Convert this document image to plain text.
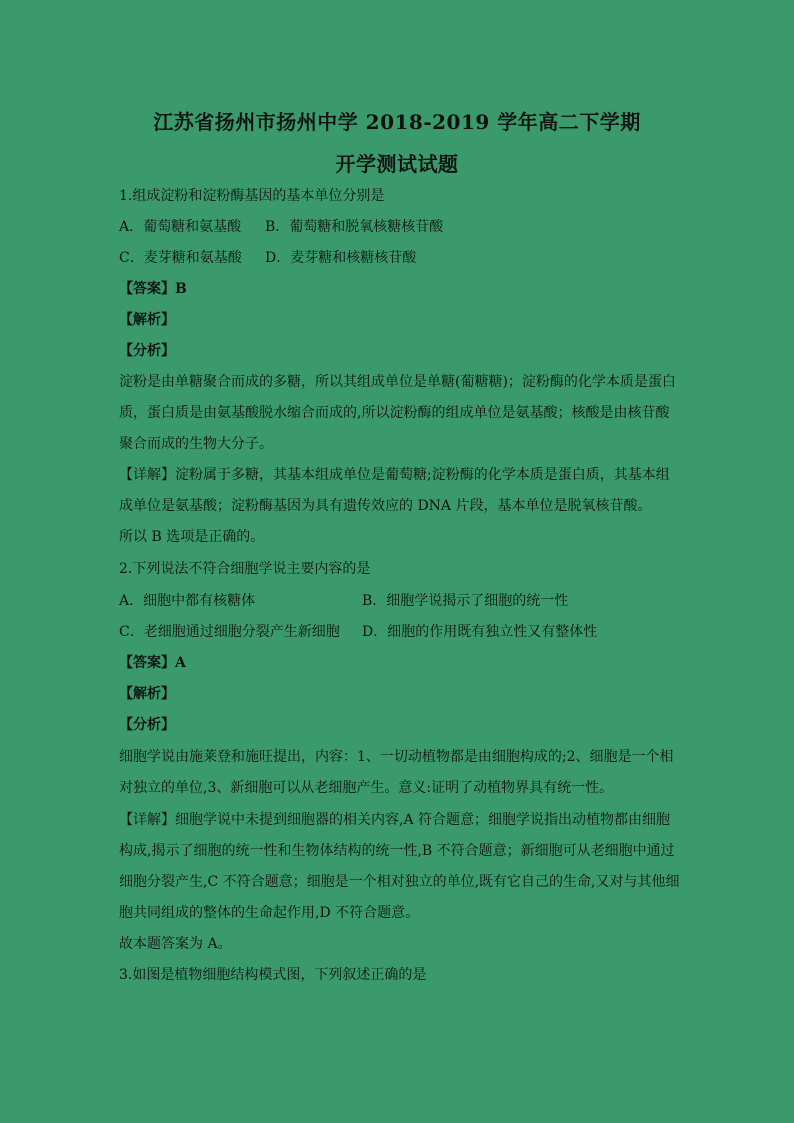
江苏省扬州市扬州中学 2018-2019 学年高二下学期
开学测试试题
1.组成淀粉和淀粉酶基因的基本单位分别是
A．葡萄糖和氨基酸 B．葡萄糖和脱氧核糖核苷酸
C．麦芽糖和氨基酸 D．麦芽糖和核糖核苷酸
【答案】B
【解析】
【分析】
淀粉是由单糖聚合而成的多糖，所以其组成单位是单糖(葡糖糖)；淀粉酶的化学本质是蛋白
质，蛋白质是由氨基酸脱水缩合而成的,所以淀粉酶的组成单位是氨基酸；核酸是由核苷酸
聚合而成的生物大分子。
【详解】淀粉属于多糖，其基本组成单位是葡萄糖;淀粉酶的化学本质是蛋白质，其基本组
成单位是氨基酸；淀粉酶基因为具有遗传效应的 DNA 片段，基本单位是脱氧核苷酸。
所以 B 选项是正确的。
2.下列说法不符合细胞学说主要内容的是
A．细胞中都有核糖体	B．细胞学说揭示了细胞的统一性
C．老细胞通过细胞分裂产生新细胞 D．细胞的作用既有独立性又有整体性
【答案】A
【解析】
【分析】
细胞学说由施莱登和施旺提出，内容：1、一切动植物都是由细胞构成的;2、细胞是一个相
对独立的单位,3、新细胞可以从老细胞产生。意义:证明了动植物界具有统一性。
【详解】细胞学说中未提到细胞器的相关内容,A 符合题意；细胞学说指出动植物都由细胞
构成,揭示了细胞的统一性和生物体结构的统一性,B 不符合题意；新细胞可从老细胞中通过
细胞分裂产生,C 不符合题意；细胞是一个相对独立的单位,既有它自己的生命,又对与其他细
胞共同组成的整体的生命起作用,D 不符合题意。
故本题答案为 A。
3.如图是植物细胞结构模式图，下列叙述正确的是
